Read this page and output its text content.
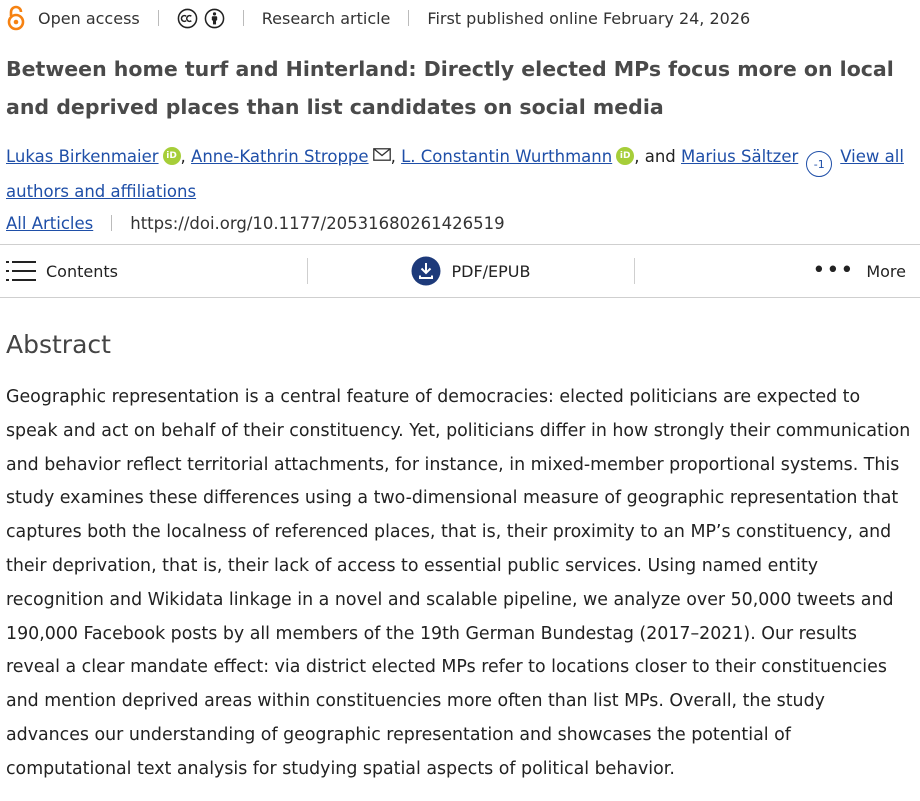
Open access	Research article First published online February 24, 2026
Between home turf and Hinterland: Directly elected MPs focus more on local and deprived places than list candidates on social media
Lukas Birkenmaier iD , Anne-Kathrin Stroppe , L. Constantin Wurthmann iD , and Marius Sältzer -1 View all authors and affiliations
All Articles https://doi.org/10.1177/20531680261426519
Contents	PDF/EPUB	••• More
Abstract

Geographic representation is a central feature of democracies: elected politicians are expected to speak and act on behalf of their constituency. Yet, politicians differ in how strongly their communication and behavior reflect territorial attachments, for instance, in mixed-member proportional systems. This study examines these differences using a two-dimensional measure of geographic representation that captures both the localness of referenced places, that is, their proximity to an MP’s constituency, and their deprivation, that is, their lack of access to essential public services. Using named entity recognition and Wikidata linkage in a novel and scalable pipeline, we analyze over 50,000 tweets and 190,000 Facebook posts by all members of the 19th German Bundestag (2017–2021). Our results reveal a clear mandate effect: via district elected MPs refer to locations closer to their constituencies and mention deprived areas within constituencies more often than list MPs. Overall, the study advances our understanding of geographic representation and showcases the potential of computational text analysis for studying spatial aspects of political behavior.
